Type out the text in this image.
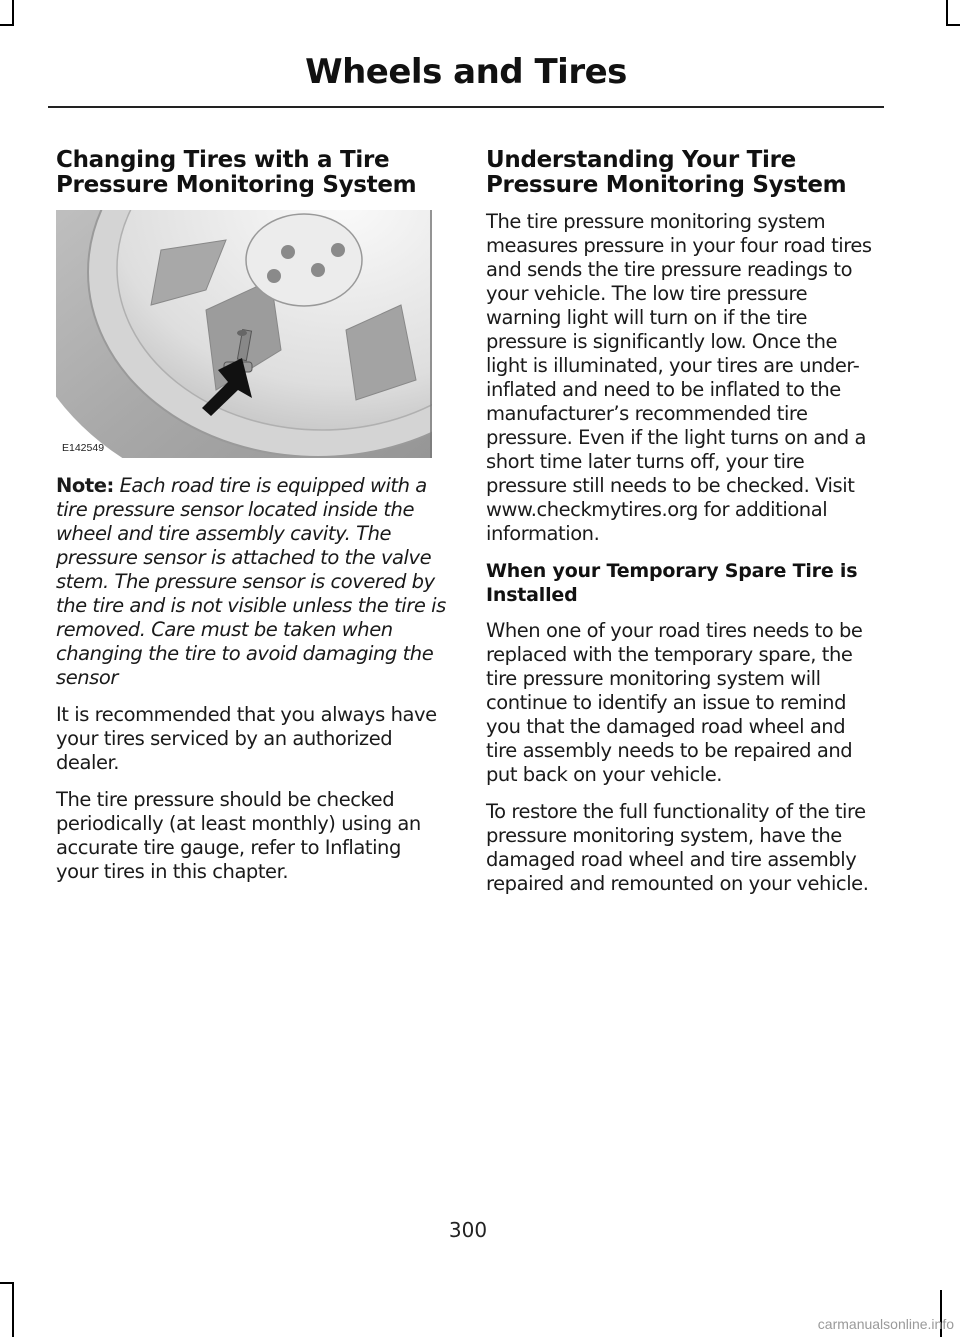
Wheels and Tires
Changing Tires with a Tire Pressure Monitoring System
E142549

Note: Each road tire is equipped with a tire pressure sensor located inside the wheel and tire assembly cavity. The pressure sensor is attached to the valve stem. The pressure sensor is covered by the tire and is not visible unless the tire is removed. Care must be taken when changing the tire to avoid damaging the sensor

It is recommended that you always have your tires serviced by an authorized dealer.

The tire pressure should be checked periodically (at least monthly) using an accurate tire gauge, refer to Inflating your tires in this chapter.

Understanding Your Tire Pressure Monitoring System

The tire pressure monitoring system measures pressure in your four road tires and sends the tire pressure readings to your vehicle. The low tire pressure warning light will turn on if the tire pressure is significantly low. Once the light is illuminated, your tires are under-inflated and need to be inflated to the manufacturer’s recommended tire pressure. Even if the light turns on and a short time later turns off, your tire pressure still needs to be checked. Visit www.checkmytires.org for additional information.

When your Temporary Spare Tire is Installed

When one of your road tires needs to be replaced with the temporary spare, the tire pressure monitoring system will continue to identify an issue to remind you that the damaged road wheel and tire assembly needs to be repaired and put back on your vehicle.

To restore the full functionality of the tire pressure monitoring system, have the damaged road wheel and tire assembly repaired and remounted on your vehicle.

300
carmanualsonline.info
